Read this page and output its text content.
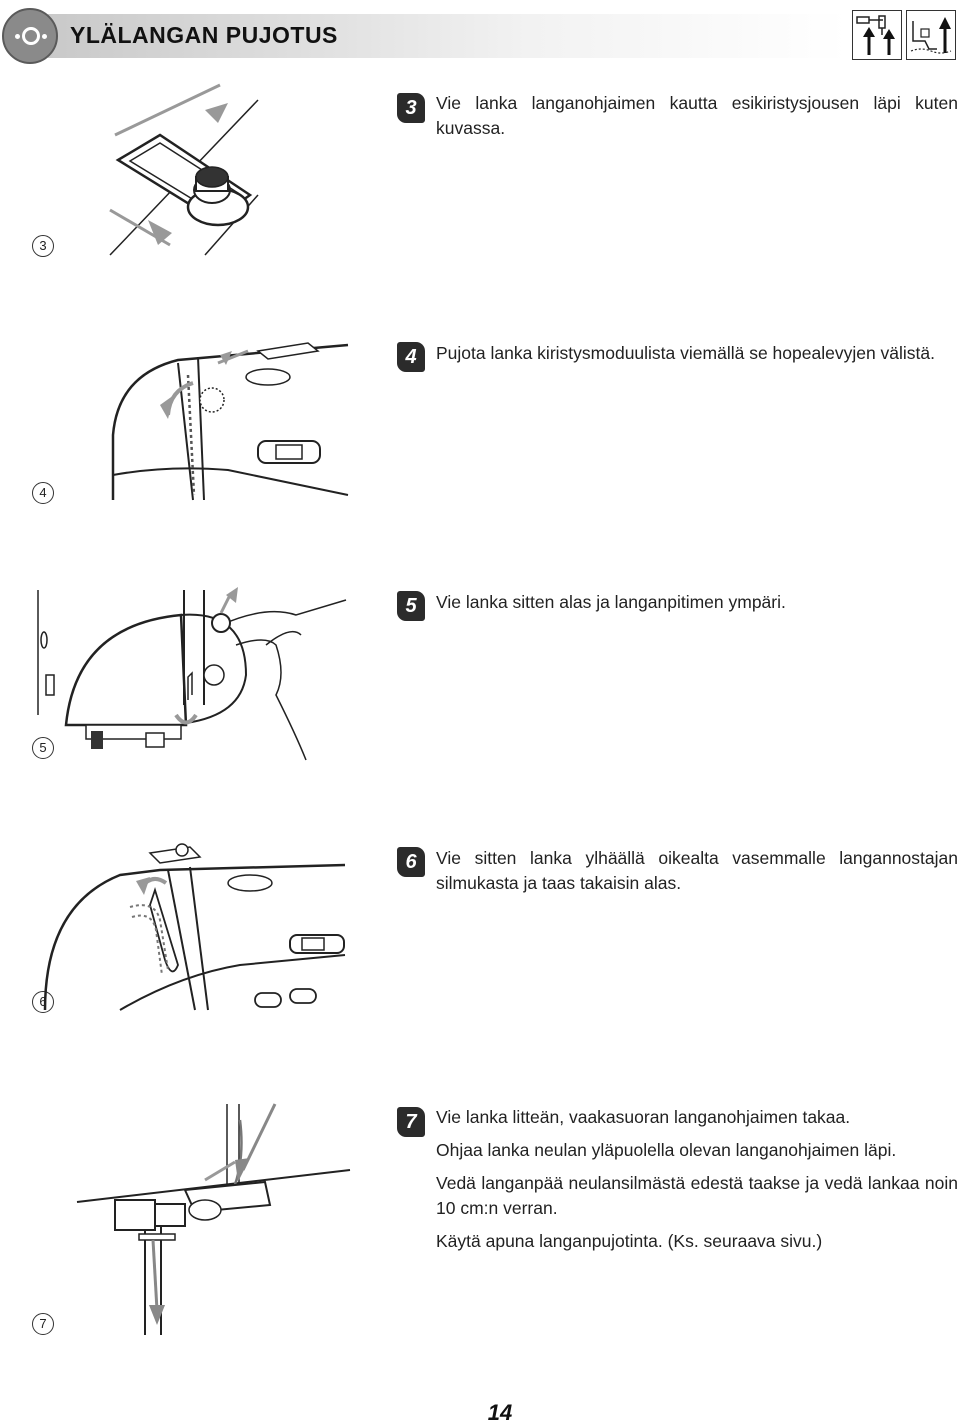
YLÄLANGAN PUJOTUS
3	Vie lanka langanohjaimen kautta esikiristysjousen läpi kuten kuvassa.

3
4	Pujota lanka kiristysmoduulista viemällä se hopealevyjen välistä.

4
5	Vie lanka sitten alas ja langanpitimen ympäri.

5
6	Vie sitten lanka ylhäällä oikealta vasemmalle langannostajan silmukasta ja taas takaisin alas.

6
7	Vie lanka litteän, vaakasuoran langanohjaimen takaa.

Ohjaa lanka neulan yläpuolella olevan langanohjaimen läpi.

Vedä langanpää neulansilmästä edestä taakse ja vedä lankaa noin 10 cm:n verran.

Käytä apuna langanpujotinta. (Ks. seuraava sivu.)

7
14
